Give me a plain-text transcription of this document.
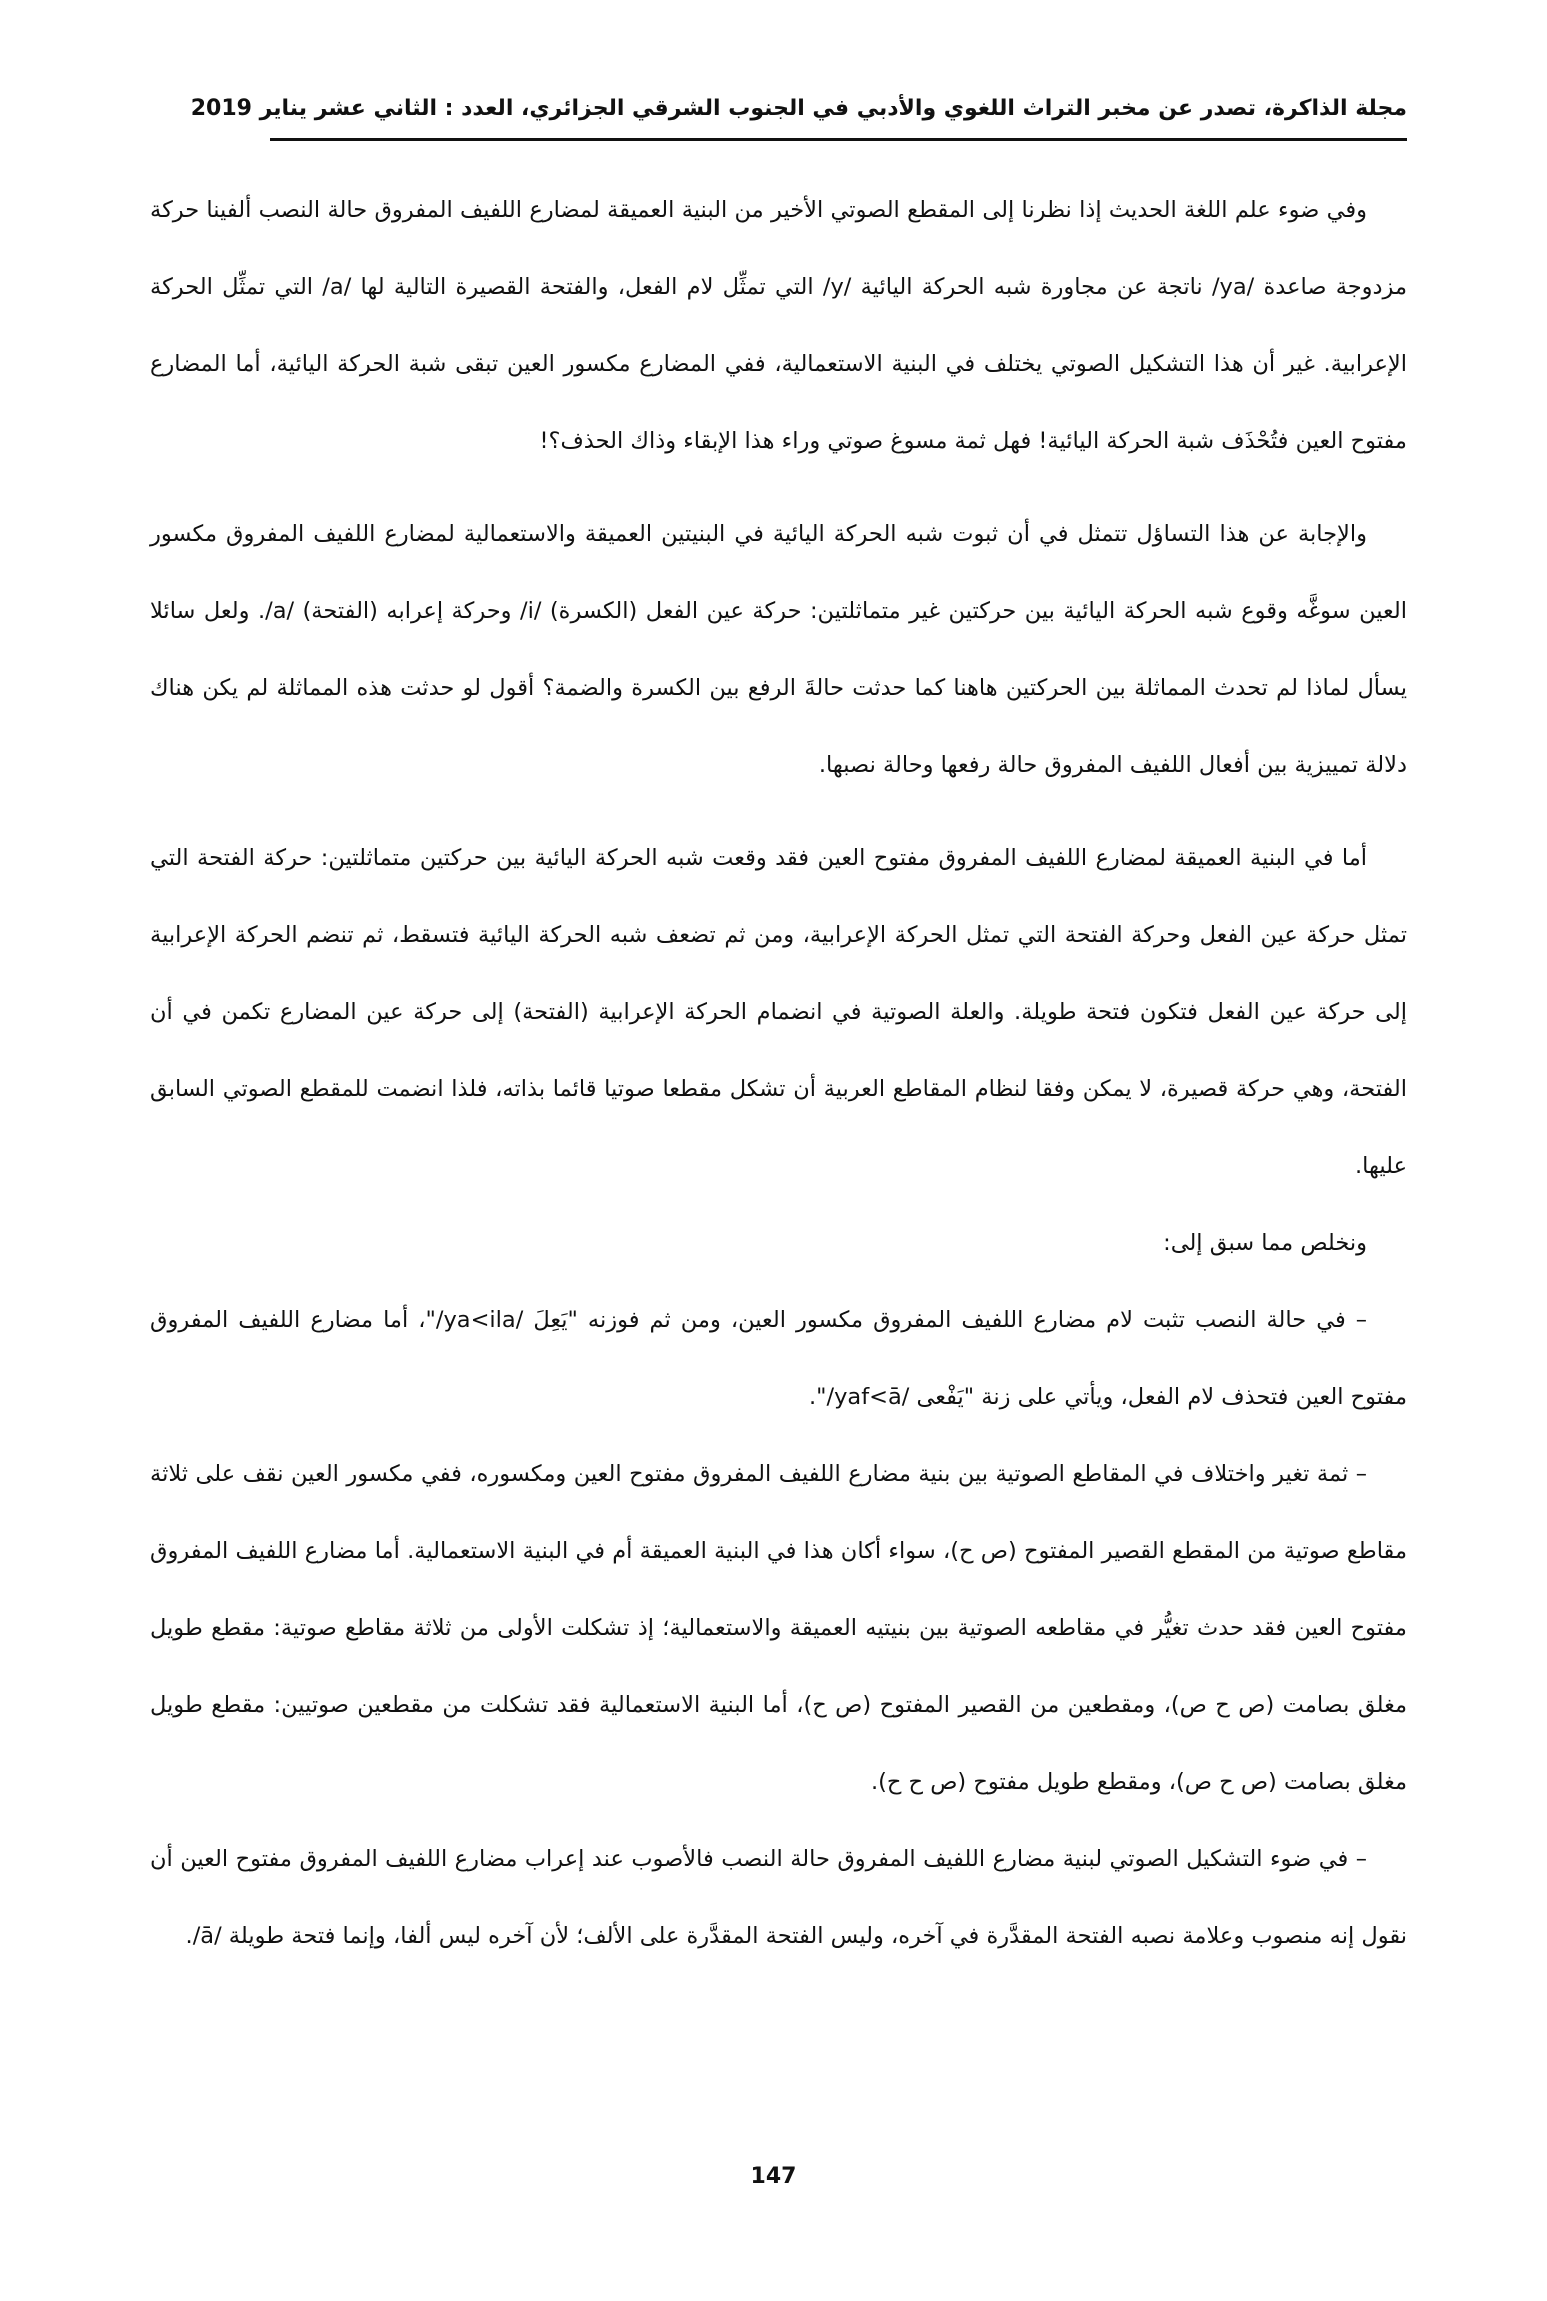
مجلة الذاكرة، تصدر عن مخبر التراث اللغوي والأدبي في الجنوب الشرقي الجزائري، العدد : الثاني عشر يناير 2019

وفي ضوء علم اللغة الحديث إذا نظرنا إلى المقطع الصوتي الأخير من البنية العميقة لمضارع اللفيف المفروق حالة النصب ألفينا حركة مزدوجة صاعدة /ya/ ناتجة عن مجاورة شبه الحركة اليائية /y/ التي تمثِّل لام الفعل، والفتحة القصيرة التالية لها /a/ التي تمثِّل الحركة الإعرابية. غير أن هذا التشكيل الصوتي يختلف في البنية الاستعمالية، ففي المضارع مكسور العين تبقى شبة الحركة اليائية، أما المضارع مفتوح العين فتُحْذَف شبة الحركة اليائية! فهل ثمة مسوغ صوتي وراء هذا الإبقاء وذاك الحذف؟!

والإجابة عن هذا التساؤل تتمثل في أن ثبوت شبه الحركة اليائية في البنيتين العميقة والاستعمالية لمضارع اللفيف المفروق مكسور العين سوغَّه وقوع شبه الحركة اليائية بين حركتين غير متماثلتين: حركة عين الفعل (الكسرة) /i/ وحركة إعرابه (الفتحة) /a/. ولعل سائلا يسأل لماذا لم تحدث المماثلة بين الحركتين هاهنا كما حدثت حالةَ الرفع بين الكسرة والضمة؟ أقول لو حدثت هذه المماثلة لم يكن هناك دلالة تمييزية بين أفعال اللفيف المفروق حالة رفعها وحالة نصبها.

أما في البنية العميقة لمضارع اللفيف المفروق مفتوح العين فقد وقعت شبه الحركة اليائية بين حركتين متماثلتين: حركة الفتحة التي تمثل حركة عين الفعل وحركة الفتحة التي تمثل الحركة الإعرابية، ومن ثم تضعف شبه الحركة اليائية فتسقط، ثم تنضم الحركة الإعرابية إلى حركة عين الفعل فتكون فتحة طويلة. والعلة الصوتية في انضمام الحركة الإعرابية (الفتحة) إلى حركة عين المضارع تكمن في أن الفتحة، وهي حركة قصيرة، لا يمكن وفقا لنظام المقاطع العربية أن تشكل مقطعا صوتيا قائما بذاته، فلذا انضمت للمقطع الصوتي السابق عليها.

ونخلص مما سبق إلى:

– في حالة النصب تثبت لام مضارع اللفيف المفروق مكسور العين، ومن ثم فوزنه "يَعِلَ /ya<ila/"، أما مضارع اللفيف المفروق مفتوح العين فتحذف لام الفعل، ويأتي على زنة "يَفْعى /yaf<ā/".

– ثمة تغير واختلاف في المقاطع الصوتية بين بنية مضارع اللفيف المفروق مفتوح العين ومكسوره، ففي مكسور العين نقف على ثلاثة مقاطع صوتية من المقطع القصير المفتوح (ص ح)، سواء أكان هذا في البنية العميقة أم في البنية الاستعمالية. أما مضارع اللفيف المفروق مفتوح العين فقد حدث تغيُّر في مقاطعه الصوتية بين بنيتيه العميقة والاستعمالية؛ إذ تشكلت الأولى من ثلاثة مقاطع صوتية: مقطع طويل مغلق بصامت (ص ح ص)، ومقطعين من القصير المفتوح (ص ح)، أما البنية الاستعمالية فقد تشكلت من مقطعين صوتيين: مقطع طويل مغلق بصامت (ص ح ص)، ومقطع طويل مفتوح (ص ح ح).

– في ضوء التشكيل الصوتي لبنية مضارع اللفيف المفروق حالة النصب فالأصوب عند إعراب مضارع اللفيف المفروق مفتوح العين أن نقول إنه منصوب وعلامة نصبه الفتحة المقدَّرة في آخره، وليس الفتحة المقدَّرة على الألف؛ لأن آخره ليس ألفا، وإنما فتحة طويلة /ā/.

147
